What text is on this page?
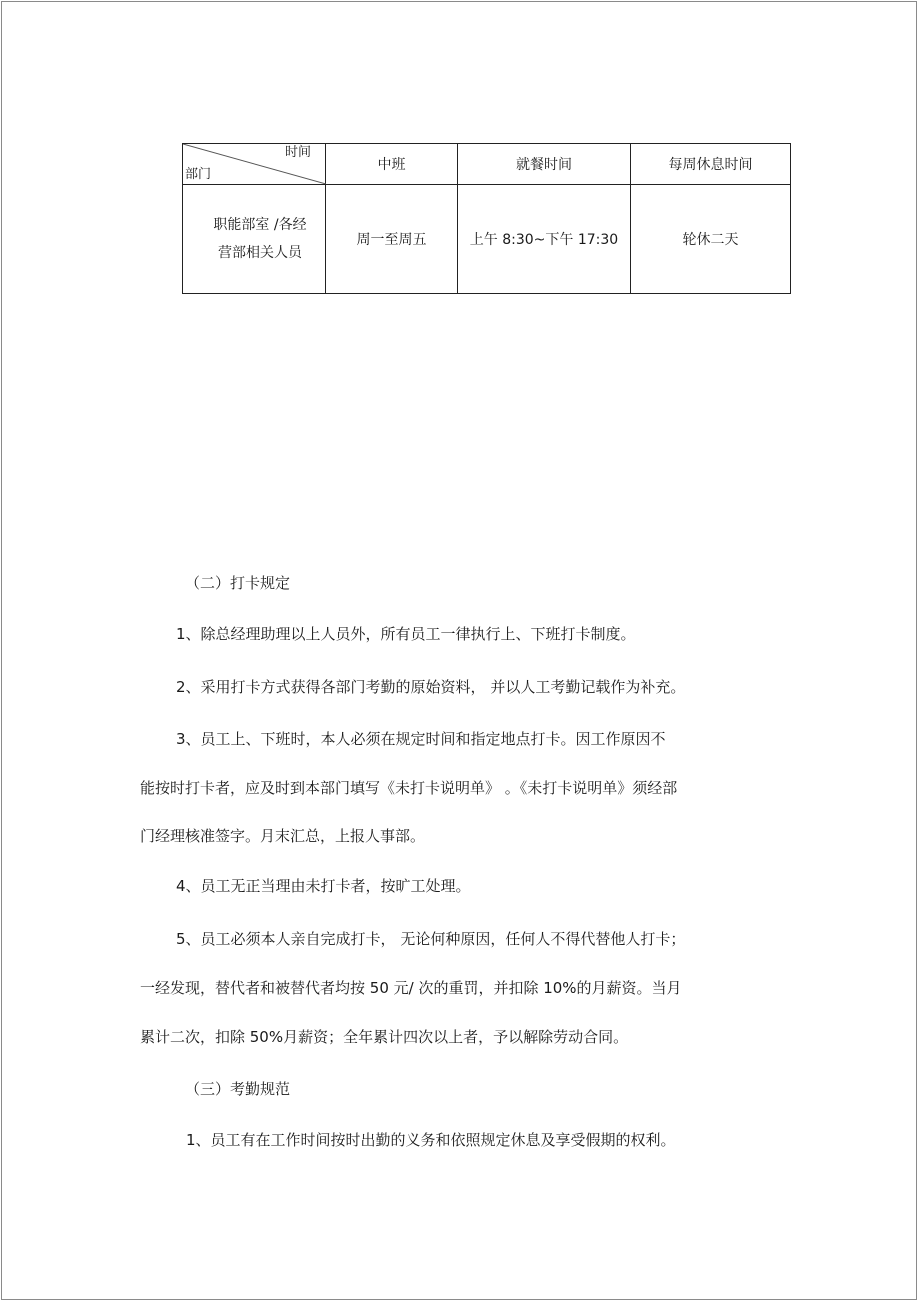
时间
部门	中班	就餐时间	每周休息时间

职能部室 /各经
营部相关人员	周一至周五	上午 8:30~下午 17:30	轮休二天
（二）打卡规定
1、除总经理助理以上人员外，所有员工一律执行上、下班打卡制度。
2、采用打卡方式获得各部门考勤的原始资料， 并以人工考勤记载作为补充。
3、员工上、下班时，本人必须在规定时间和指定地点打卡。因工作原因不
能按时打卡者，应及时到本部门填写《未打卡说明单》 。《未打卡说明单》须经部
门经理核准签字。月末汇总，上报人事部。
4、员工无正当理由未打卡者，按旷工处理。
5、员工必须本人亲自完成打卡， 无论何种原因，任何人不得代替他人打卡；
一经发现，替代者和被替代者均按 50 元/ 次的重罚，并扣除 10%的月薪资。当月
累计二次，扣除 50%月薪资；全年累计四次以上者，予以解除劳动合同。
（三）考勤规范
1、员工有在工作时间按时出勤的义务和依照规定休息及享受假期的权利。
